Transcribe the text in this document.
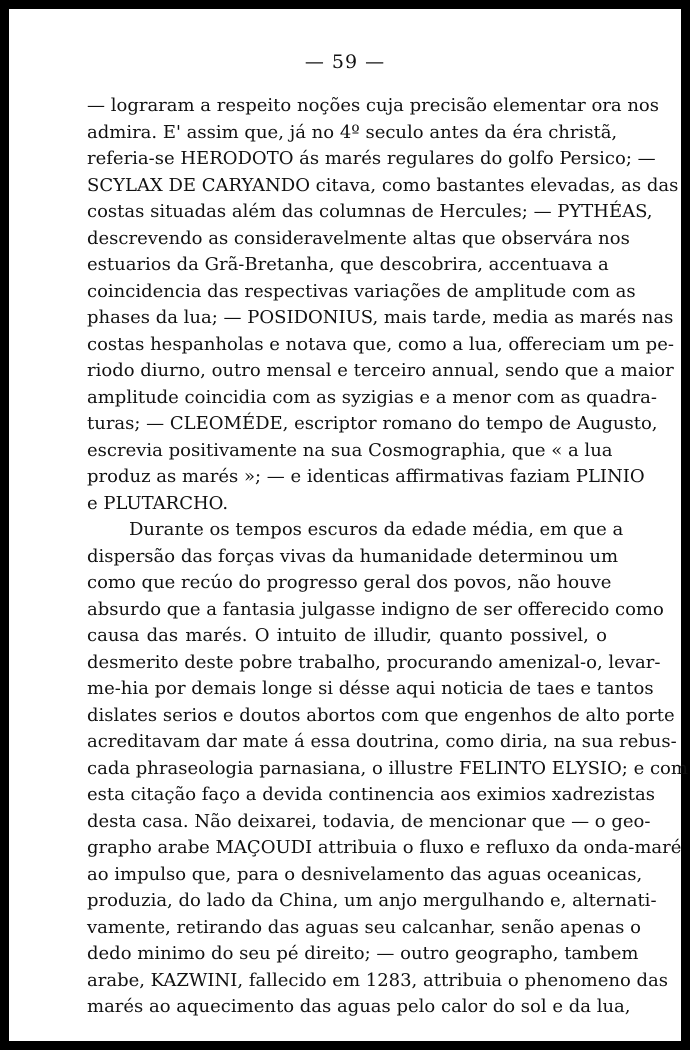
— 59 —
— lograram a respeito noções cuja precisão elementar ora nos
admira. E' assim que, já no 4º seculo antes da éra christã,
referia-se HERODOTO ás marés regulares do golfo Persico; —
SCYLAX DE CARYANDO citava, como bastantes elevadas, as das
costas situadas além das columnas de Hercules; — PYTHÉAS,
descrevendo as consideravelmente altas que observára nos
estuarios da Grã-Bretanha, que descobrira, accentuava a
coincidencia das respectivas variações de amplitude com as
phases da lua; — POSIDONIUS, mais tarde, media as marés nas
costas hespanholas e notava que, como a lua, offereciam um pe-
riodo diurno, outro mensal e terceiro annual, sendo que a maior
amplitude coincidia com as syzigias e a menor com as quadra-
turas; — CLEOMÉDE, escriptor romano do tempo de Augusto,
escrevia positivamente na sua Cosmographia, que « a lua
produz as marés »; — e identicas affirmativas faziam PLINIO
e PLUTARCHO.
Durante os tempos escuros da edade média, em que a
dispersão das forças vivas da humanidade determinou um
como que recúo do progresso geral dos povos, não houve
absurdo que a fantasia julgasse indigno de ser offerecido como
causa das marés. O intuito de illudir, quanto possivel, o
desmerito deste pobre trabalho, procurando amenizal-o, levar-
me-hia por demais longe si désse aqui noticia de taes e tantos
dislates serios e doutos abortos com que engenhos de alto porte
acreditavam dar mate á essa doutrina, como diria, na sua rebus-
cada phraseologia parnasiana, o illustre FELINTO ELYSIO; e com
esta citação faço a devida continencia aos eximios xadrezistas
desta casa. Não deixarei, todavia, de mencionar que — o geo-
grapho arabe MAÇOUDI attribuia o fluxo e refluxo da onda-maré
ao impulso que, para o desnivelamento das aguas oceanicas,
produzia, do lado da China, um anjo mergulhando e, alternati-
vamente, retirando das aguas seu calcanhar, senão apenas o
dedo minimo do seu pé direito; — outro geographo, tambem
arabe, KAZWINI, fallecido em 1283, attribuia o phenomeno das
marés ao aquecimento das aguas pelo calor do sol e da lua,
